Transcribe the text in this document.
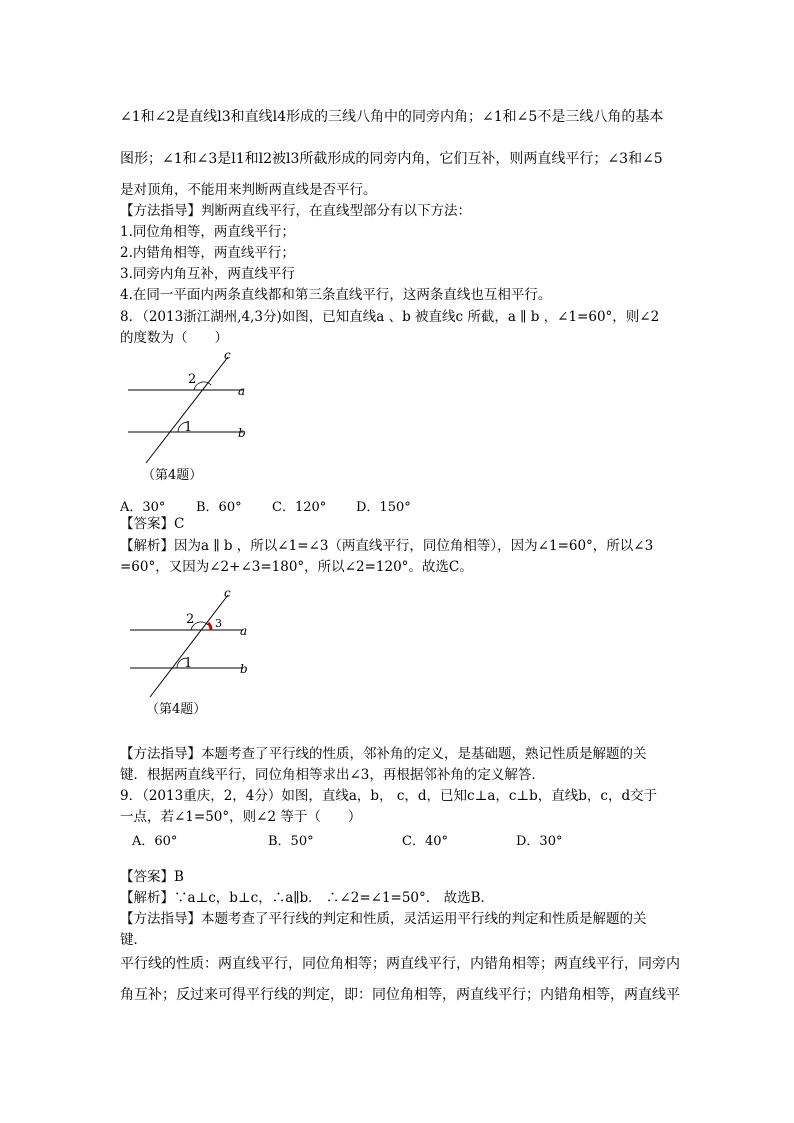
∠1和∠2是直线l3和直线l4形成的三线八角中的同旁内角；∠1和∠5不是三线八角的基本
图形；∠1和∠3是l1和l2被l3所截形成的同旁内角，它们互补，则两直线平行；∠3和∠5
是对顶角，不能用来判断两直线是否平行。
【方法指导】判断两直线平行，在直线型部分有以下方法：
1.同位角相等，两直线平行；
2.内错角相等，两直线平行；
3.同旁内角互补，两直线平行
4.在同一平面内两条直线都和第三条直线平行，这两条直线也互相平行。
8．（2013浙江湖州,4,3分)如图，已知直线a 、b 被直线c 所截，a ∥ b ，∠1=60°，则∠2
的度数为（　　）
c
a
b
2
1
（第4题）
A．30° B．60° C．120° D．150°
【答案】C
【解析】因为a ∥ b ，所以∠1=∠3（两直线平行，同位角相等），因为∠1=60°，所以∠3
=60°，又因为∠2+∠3=180°，所以∠2=120°。故选C。
c
a
b
2 3
1
（第4题）
【方法指导】本题考查了平行线的性质，邻补角的定义，是基础题，熟记性质是解题的关
键．根据两直线平行，同位角相等求出∠3，再根据邻补角的定义解答．
9．（2013重庆，2，4分）如图，直线a，b， c，d，已知c⊥a，c⊥b，直线b，c，d交于
一点，若∠1=50°，则∠2 等于（　　）
A．60°	B．50°	C．40°	D．30°
【答案】B
【解析】∵a⊥c，b⊥c，∴a∥b． ∴∠2=∠1=50°． 故选B．
【方法指导】本题考查了平行线的判定和性质，灵活运用平行线的判定和性质是解题的关
键．
平行线的性质：两直线平行，同位角相等；两直线平行，内错角相等；两直线平行，同旁内
角互补；反过来可得平行线的判定，即：同位角相等，两直线平行；内错角相等，两直线平
